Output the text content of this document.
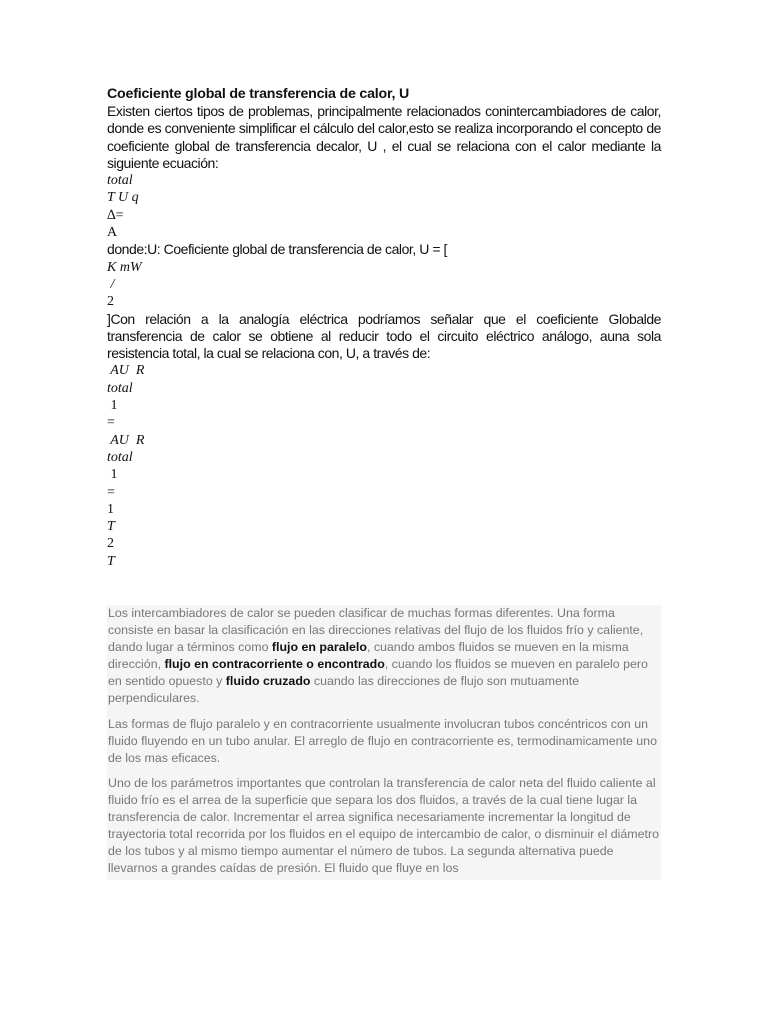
Coeficiente global de transferencia de calor, U

Existen ciertos tipos de problemas, principalmente relacionados conintercambiadores de calor, donde es conveniente simplificar el cálculo del calor,esto se realiza incorporando el concepto de coeficiente global de transferencia decalor, U , el cual se relaciona con el calor mediante la siguiente ecuación:

total

T U q

∆=

A

donde:U: Coeficiente global de transferencia de calor, U = [

K mW

/

2

]Con relación a la analogía eléctrica podríamos señalar que el coeficiente Globalde transferencia de calor se obtiene al reducir todo el circuito eléctrico análogo, auna sola resistencia total, la cual se relaciona con, U, a través de:

AU  R

total

1

=

AU  R

total

1

=

1

T

2

T

Los intercambiadores de calor se pueden clasificar de muchas formas diferentes. Una forma consiste en basar la clasificación en las direcciones relativas del flujo de los fluidos frío y caliente, dando lugar a términos como flujo en paralelo, cuando ambos fluidos se mueven en la misma dirección, flujo en contracorriente o encontrado, cuando los fluidos se mueven en paralelo pero en sentido opuesto y fluido cruzado cuando las direcciones de flujo son mutuamente perpendiculares.

Las formas de flujo paralelo y en contracorriente usualmente involucran tubos concéntricos con un fluido fluyendo en un tubo anular. El arreglo de flujo en contracorriente es, termodinamicamente uno de los mas eficaces.

Uno de los parámetros importantes que controlan la transferencia de calor neta del fluido caliente al fluido frío es el arrea de la superficie que separa los dos fluidos, a través de la cual tiene lugar la transferencia de calor. Incrementar el arrea significa necesariamente incrementar la longitud de trayectoria total recorrida por los fluidos en el equipo de intercambio de calor, o disminuir el diámetro de los tubos y al mismo tiempo aumentar el número de tubos. La segunda alternativa puede llevarnos a grandes caídas de presión. El fluido que fluye en los
